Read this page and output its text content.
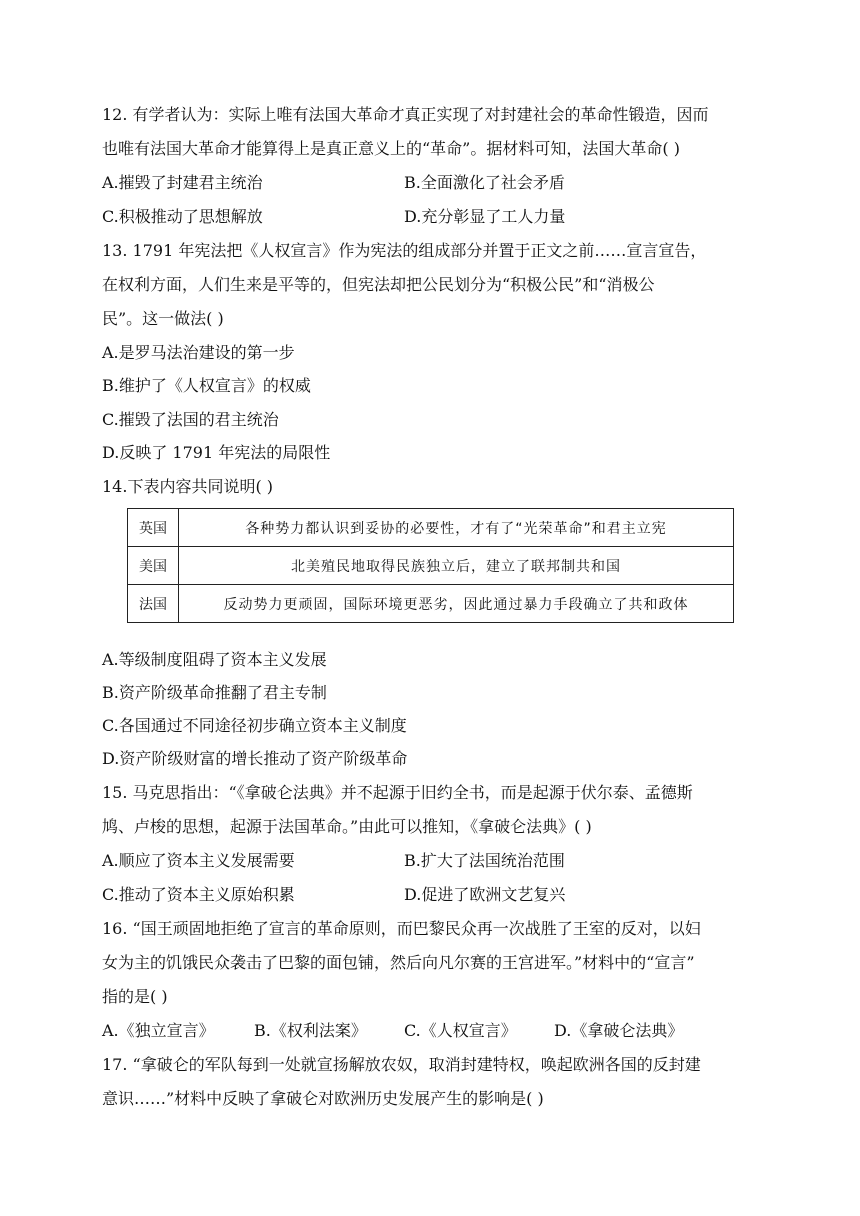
12. 有学者认为：实际上唯有法国大革命才真正实现了对封建社会的革命性锻造，因而
也唯有法国大革命才能算得上是真正意义上的“革命”。据材料可知，法国大革命( )
A.摧毁了封建君主统治	B.全面激化了社会矛盾
C.积极推动了思想解放	D.充分彰显了工人力量
13. 1791 年宪法把《人权宣言》作为宪法的组成部分并置于正文之前……宣言宣告，
在权利方面，人们生来是平等的，但宪法却把公民划分为“积极公民”和“消极公
民”。这一做法( )
A.是罗马法治建设的第一步
B.维护了《人权宣言》的权威
C.摧毁了法国的君主统治
D.反映了 1791 年宪法的局限性
14.下表内容共同说明( )
英国	各种势力都认识到妥协的必要性，才有了“光荣革命”和君主立宪
美国	北美殖民地取得民族独立后，建立了联邦制共和国
法国	反动势力更顽固，国际环境更恶劣，因此通过暴力手段确立了共和政体
A.等级制度阻碍了资本主义发展
B.资产阶级革命推翻了君主专制
C.各国通过不同途径初步确立资本主义制度
D.资产阶级财富的增长推动了资产阶级革命
15. 马克思指出：“《拿破仑法典》并不起源于旧约全书，而是起源于伏尔泰、孟德斯
鸠、卢梭的思想，起源于法国革命。”由此可以推知，《拿破仑法典》( )
A.顺应了资本主义发展需要	B.扩大了法国统治范围
C.推动了资本主义原始积累	D.促进了欧洲文艺复兴
16. “国王顽固地拒绝了宣言的革命原则，而巴黎民众再一次战胜了王室的反对，以妇
女为主的饥饿民众袭击了巴黎的面包铺，然后向凡尔赛的王宫进军。”材料中的“宣言”
指的是( )
A.《独立宣言》 B.《权利法案》 C.《人权宣言》 D.《拿破仑法典》
17. “拿破仑的军队每到一处就宣扬解放农奴，取消封建特权，唤起欧洲各国的反封建
意识……”材料中反映了拿破仑对欧洲历史发展产生的影响是( )
